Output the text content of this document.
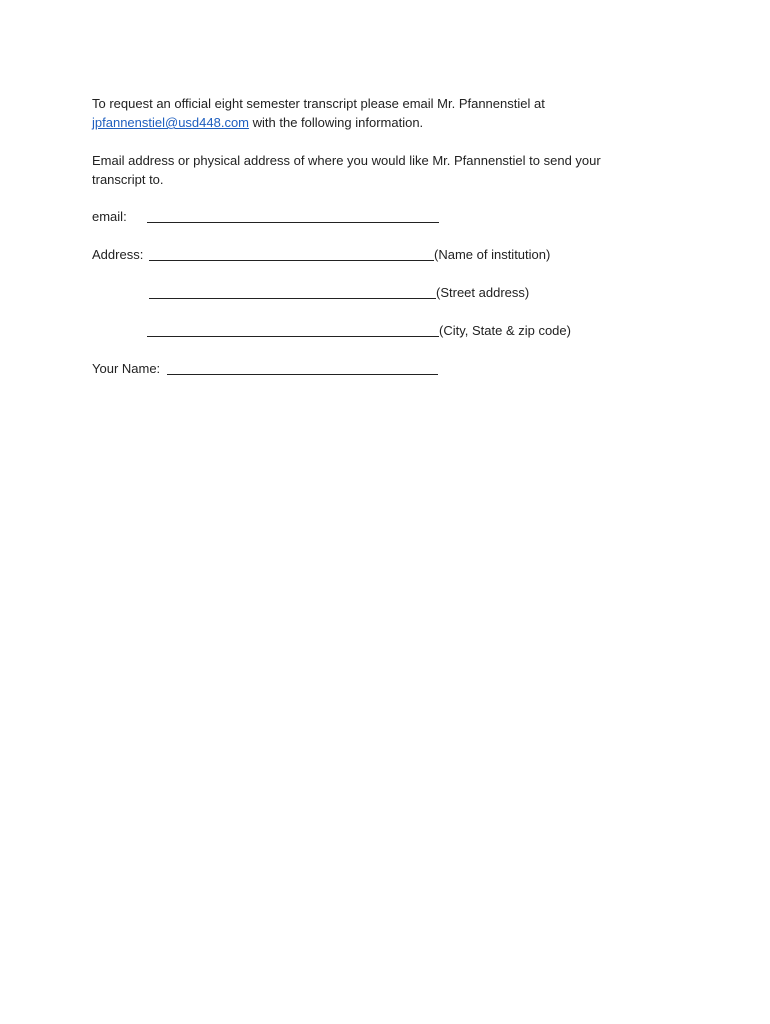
To request an official eight semester transcript please email Mr. Pfannenstiel at
jpfannenstiel@usd448.com with the following information.
Email address or physical address of where you would like Mr. Pfannenstiel to send your
transcript to.
email:
Address:	(Name of institution)
(Street address)
(City, State & zip code)
Your Name:
